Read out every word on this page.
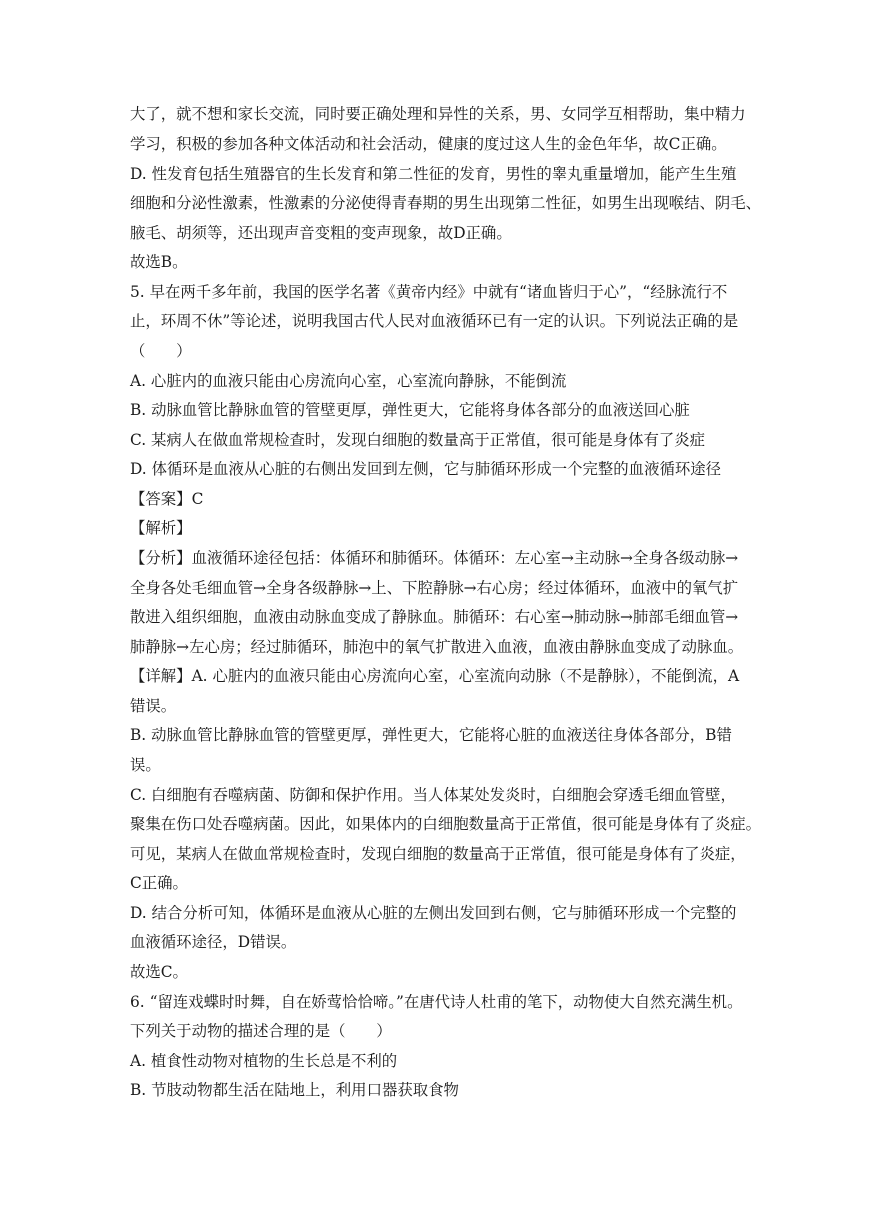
大了，就不想和家长交流，同时要正确处理和异性的关系，男、女同学互相帮助，集中精力
学习，积极的参加各种文体活动和社会活动，健康的度过这人生的金色年华，故C正确。
D. 性发育包括生殖器官的生长发育和第二性征的发育，男性的睾丸重量增加，能产生生殖
细胞和分泌性激素，性激素的分泌使得青春期的男生出现第二性征，如男生出现喉结、阴毛、
腋毛、胡须等，还出现声音变粗的变声现象，故D正确。
故选B。
5. 早在两千多年前，我国的医学名著《黄帝内经》中就有“诸血皆归于心”，“经脉流行不
止，环周不休”等论述，说明我国古代人民对血液循环已有一定的认识。下列说法正确的是
（　　）
A. 心脏内的血液只能由心房流向心室，心室流向静脉，不能倒流
B. 动脉血管比静脉血管的管壁更厚，弹性更大，它能将身体各部分的血液送回心脏
C. 某病人在做血常规检查时，发现白细胞的数量高于正常值，很可能是身体有了炎症
D. 体循环是血液从心脏的右侧出发回到左侧，它与肺循环形成一个完整的血液循环途径
【答案】C
【解析】
【分析】血液循环途径包括：体循环和肺循环。体循环：左心室→主动脉→全身各级动脉→
全身各处毛细血管→全身各级静脉→上、下腔静脉→右心房；经过体循环，血液中的氧气扩
散进入组织细胞，血液由动脉血变成了静脉血。肺循环：右心室→肺动脉→肺部毛细血管→
肺静脉→左心房；经过肺循环，肺泡中的氧气扩散进入血液，血液由静脉血变成了动脉血。
【详解】A. 心脏内的血液只能由心房流向心室，心室流向动脉（不是静脉），不能倒流，A
错误。
B. 动脉血管比静脉血管的管壁更厚，弹性更大，它能将心脏的血液送往身体各部分，B错
误。
C. 白细胞有吞噬病菌、防御和保护作用。当人体某处发炎时，白细胞会穿透毛细血管壁，
聚集在伤口处吞噬病菌。因此，如果体内的白细胞数量高于正常值，很可能是身体有了炎症。
可见，某病人在做血常规检查时，发现白细胞的数量高于正常值，很可能是身体有了炎症，
C正确。
D. 结合分析可知，体循环是血液从心脏的左侧出发回到右侧，它与肺循环形成一个完整的
血液循环途径，D错误。
故选C。
6. “留连戏蝶时时舞，自在娇莺恰恰啼。”在唐代诗人杜甫的笔下，动物使大自然充满生机。
下列关于动物的描述合理的是（　　）
A. 植食性动物对植物的生长总是不利的
B. 节肢动物都生活在陆地上，利用口器获取食物
